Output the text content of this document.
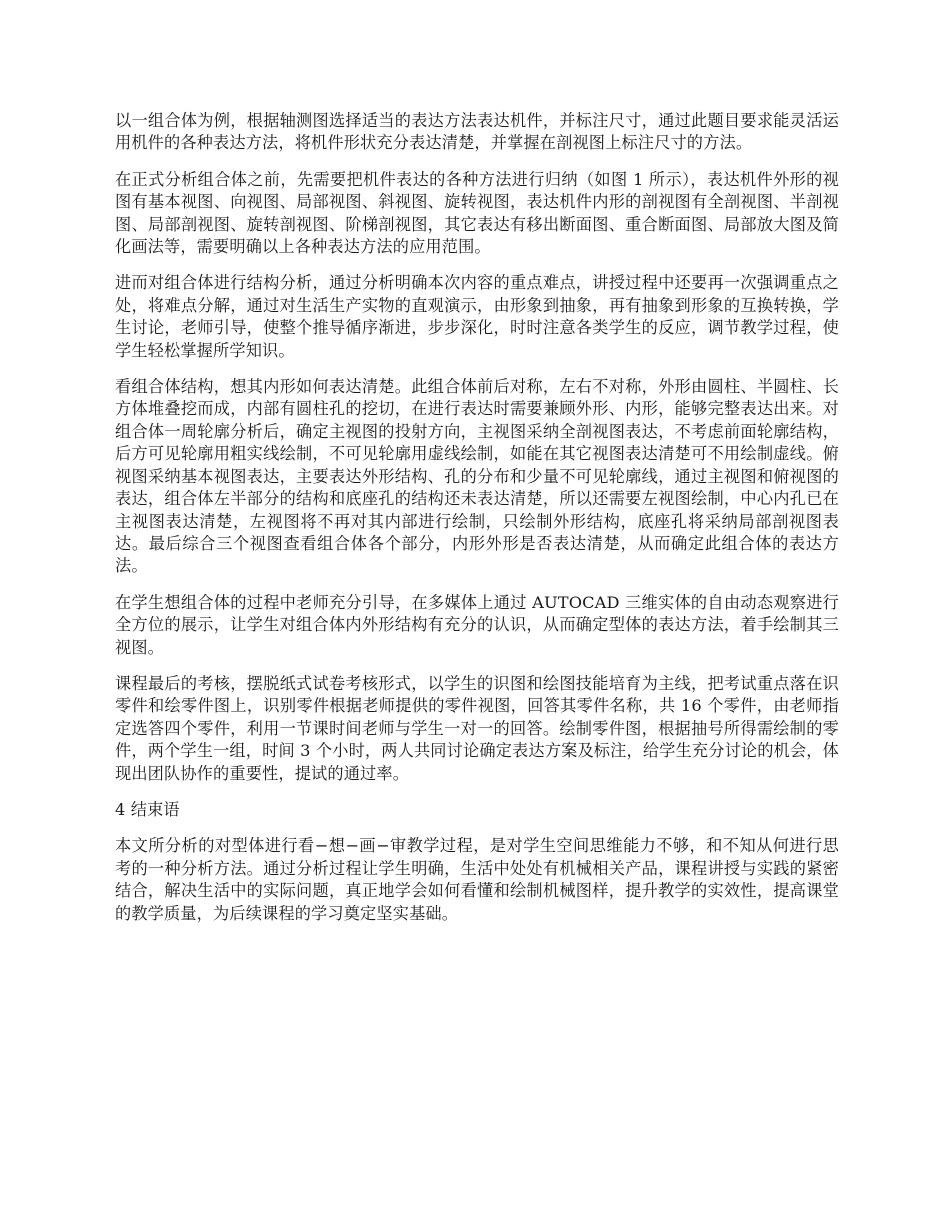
以一组合体为例，根据轴测图选择适当的表达方法表达机件，并标注尺寸，通过此题目要求能灵活运用机件的各种表达方法，将机件形状充分表达清楚，并掌握在剖视图上标注尺寸的方法。

在正式分析组合体之前，先需要把机件表达的各种方法进行归纳（如图 1 所示），表达机件外形的视图有基本视图、向视图、局部视图、斜视图、旋转视图，表达机件内形的剖视图有全剖视图、半剖视图、局部剖视图、旋转剖视图、阶梯剖视图，其它表达有移出断面图、重合断面图、局部放大图及简化画法等，需要明确以上各种表达方法的应用范围。

进而对组合体进行结构分析，通过分析明确本次内容的重点难点，讲授过程中还要再一次强调重点之处，将难点分解，通过对生活生产实物的直观演示，由形象到抽象，再有抽象到形象的互换转换，学生讨论，老师引导，使整个推导循序渐进，步步深化，时时注意各类学生的反应，调节教学过程，使学生轻松掌握所学知识。

看组合体结构，想其内形如何表达清楚。此组合体前后对称，左右不对称，外形由圆柱、半圆柱、长方体堆叠挖而成，内部有圆柱孔的挖切，在进行表达时需要兼顾外形、内形，能够完整表达出来。对组合体一周轮廓分析后，确定主视图的投射方向，主视图采纳全剖视图表达，不考虑前面轮廓结构，后方可见轮廓用粗实线绘制，不可见轮廓用虚线绘制，如能在其它视图表达清楚可不用绘制虚线。俯视图采纳基本视图表达，主要表达外形结构、孔的分布和少量不可见轮廓线，通过主视图和俯视图的表达，组合体左半部分的结构和底座孔的结构还未表达清楚，所以还需要左视图绘制，中心内孔已在主视图表达清楚，左视图将不再对其内部进行绘制，只绘制外形结构，底座孔将采纳局部剖视图表达。最后综合三个视图查看组合体各个部分，内形外形是否表达清楚，从而确定此组合体的表达方法。

在学生想组合体的过程中老师充分引导，在多媒体上通过 AUTOCAD 三维实体的自由动态观察进行全方位的展示，让学生对组合体内外形结构有充分的认识，从而确定型体的表达方法，着手绘制其三视图。

课程最后的考核，摆脱纸式试卷考核形式，以学生的识图和绘图技能培育为主线，把考试重点落在识零件和绘零件图上，识别零件根据老师提供的零件视图，回答其零件名称，共 16 个零件，由老师指定选答四个零件，利用一节课时间老师与学生一对一的回答。绘制零件图，根据抽号所得需绘制的零件，两个学生一组，时间 3 个小时，两人共同讨论确定表达方案及标注，给学生充分讨论的机会，体现出团队协作的重要性，提试的通过率。

4 结束语

本文所分析的对型体进行看−想−画−审教学过程，是对学生空间思维能力不够，和不知从何进行思考的一种分析方法。通过分析过程让学生明确，生活中处处有机械相关产品，课程讲授与实践的紧密结合，解决生活中的实际问题，真正地学会如何看懂和绘制机械图样，提升教学的实效性，提高课堂的教学质量，为后续课程的学习奠定坚实基础。
